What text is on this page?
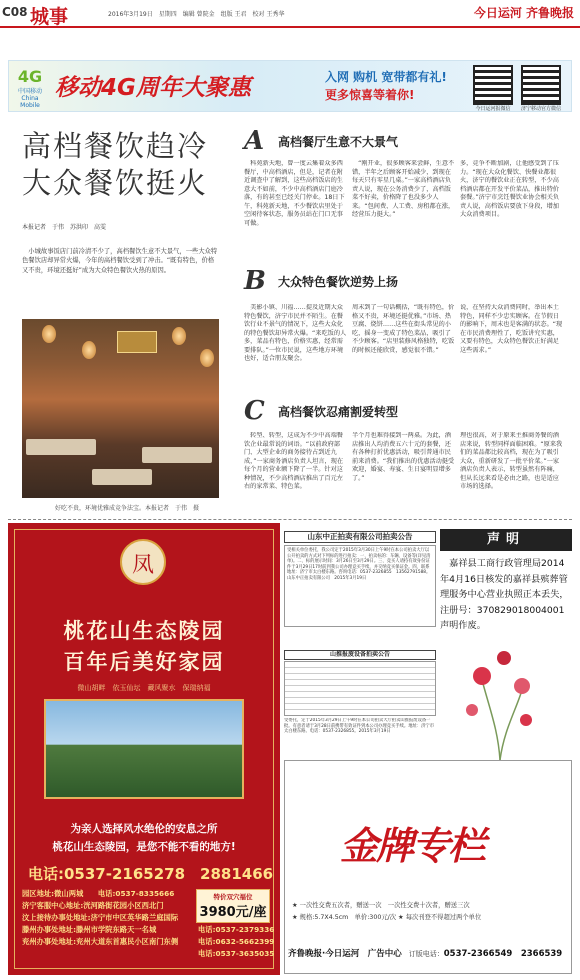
C08 城事	2016年3月19日　星期四　编辑 曾院金　组版 王君　校对 王秀华	今日运河 齐鲁晚报
4G
中国移动 China Mobile
移动4G周年大聚惠	入网 购机 宽带都有礼!
更多惊喜等着你!
今日运河报微信	济宁移动官方微信
高档餐饮趋冷
大众餐饮挺火
本报记者　于伟　苏洪印　高雯
　小城故事饭店门前冷清不少了，高档餐饮生意不大景气，一些大众特色餐饮店却异常火爆，今年的高档餐饮受到了冲击。“既有特色，价格又不贵，环境还挺好”成为大众特色餐饮火热的原因。
好吃不贵，环境优雅成竞争法宝。本报记者　于伟　摄
A 高档餐厅生意不大景气
　科苑新天地，曾一度云集着众多西餐厅，中高档酒店，但是，记者在附近调查中了解到，这些高档饭店的生意大不如前，不少中高档酒店门庭冷落，有的甚至已经关门停业。18日下午，科苑新天地，不少餐饮店里处于空闲待客状态，服务员站在门口无事可做。
　“刚开业，很多顾客来尝鲜，生意不错，半年之后顾客开始减少，到现在每天只有零星几桌。”一家高档酒店负责人说，现在公务消费少了，高档饭菜不好卖，价格降了也没多少人来。“包间费、人工费、房租都在涨，经营压力挺大。”
多，竞争不断加剧，让他感受到了压力。“现在大众化餐饮、快餐业都很火，济宁的餐饮业正在转型，不少高档酒店都在开发平价菜品，推出特价套餐。”济宁市烹饪餐饮业协会相关负责人说，高档饭店要放下身段，增加大众消费项目。
B 大众特色餐饮逆势上扬
　美影小镇、川福……提及近期大众特色餐饮，济宁市民并不陌生。在餐饮行业不景气的情况下，这些大众化的特色餐饮却异常火爆。“来吃饭的人多，菜品有特色，价格实惠，经常需要排队。”一位市民说，这些地方环境也好，适合朋友聚会。
周末到了一句话概括，“既有特色，价格又不贵，环境还挺优雅。”市场、热豆腐、烧饼……这些在街头常见的小吃，摇身一变成了特色菜品，吸引了不少顾客。“店里装修风格独特，吃饭的时候还能欣赏，感觉很不错。”
说，在坚持大众消费同时，举出本土特色，同样不少忠实顾客。在节假日的影响下，周末也是客满的状态。“现在市民消费理性了，吃饭讲究实惠，又要有特色，大众特色餐饮正好满足这些需求。”
C 高档餐饮忍痛割爱转型
　转型、转型，这成为不少中高端餐饮企业最常说的词语。“以前政府部门、大型企业的商务接待占到近九成，”一家商务酒店负责人坦言，现在每个月的营业额下降了一半。针对这种情况，不少高档酒店推出了百元左右的家常菜、特色菜。
半个月也难得接到一两桌。为此，酒店推出人均消费五六十元的套餐，还有各种打折优惠活动，吸引普通市民前来消费。“我们推出的优惠活动挺受欢迎，婚宴、寿宴、生日宴明显增多了。”
理也很高，对于原来主推商务餐的酒店来说，转型同样面临困难。“原来我们的菜品都比较高档，现在为了吸引大众，重新研发了一批平价菜。”一家酒店负责人表示，转型虽然有阵痛，但从长远来看是必由之路，也是适应市场的选择。
凤
桃花山生态陵园
百年后美好家园
微山胡畔　依玉仙坛　藏风聚水　保瑞纳福
为亲人选择风水绝伦的安息之所
桃花山生态陵园，是您不能不看的地方!
电话:0537-2165278　2881466
园区地址:微山两城　　电话:0537-8335666
济宁客服中心地址:洸河路街花园小区西北门
汶上接待办事处地址:济宁市中区英华路兰庭国际
滕州办事处地址:滕州市学院东路天一名城
兖州办事处地址:兖州大道东首惠民小区南门东侧
电话:0537-2379336
电话:0632-5662399
电话:0537-3635035
特价双穴福位
3980元/座
山东中正拍卖有限公司拍卖公告
受相关单位委托，我公司定于2015年3月30日上午9时在本公司拍卖大厅以公开拍卖的方式对下列标的进行拍卖：一、拍卖标的：车辆、设备等(详见清单)。二、标的展示时间：3月26日至3月29日。三、竞买人请持有效身份证件于3月29日17时前到我公司办理竞买手续，并交纳竞买保证金。四、联系地址：济宁市太白楼东路。咨询电话：0537-2326855　13562791588。山东中正拍卖有限公司　2015年3月19日
山推报废设备拍卖公告
受委托，定于2015年3月29日上午9时在本公司拍卖大厅拍卖山推报废设备一批。有意者请于3月28日前携带有效证件到本公司办理竞买手续。地址：济宁市太白楼东路。电话：0537-2326855。2015年3月19日
声明
　嘉祥县工商行政管理局2014年4月16日核发的嘉祥县殡葬管理服务中心营业执照正本丢失，注册号：370829018004001声明作废。
金牌专栏
★ 一次性交费五次者，赠送一次　一次性交费十次者，赠送三次
★ 规格:5.7X4.5cm　单价:300元/次 ★ 每次刊登不得超过两个单位
齐鲁晚报·今日运河　广告中心　 订版电话：0537-2366549　2366539
